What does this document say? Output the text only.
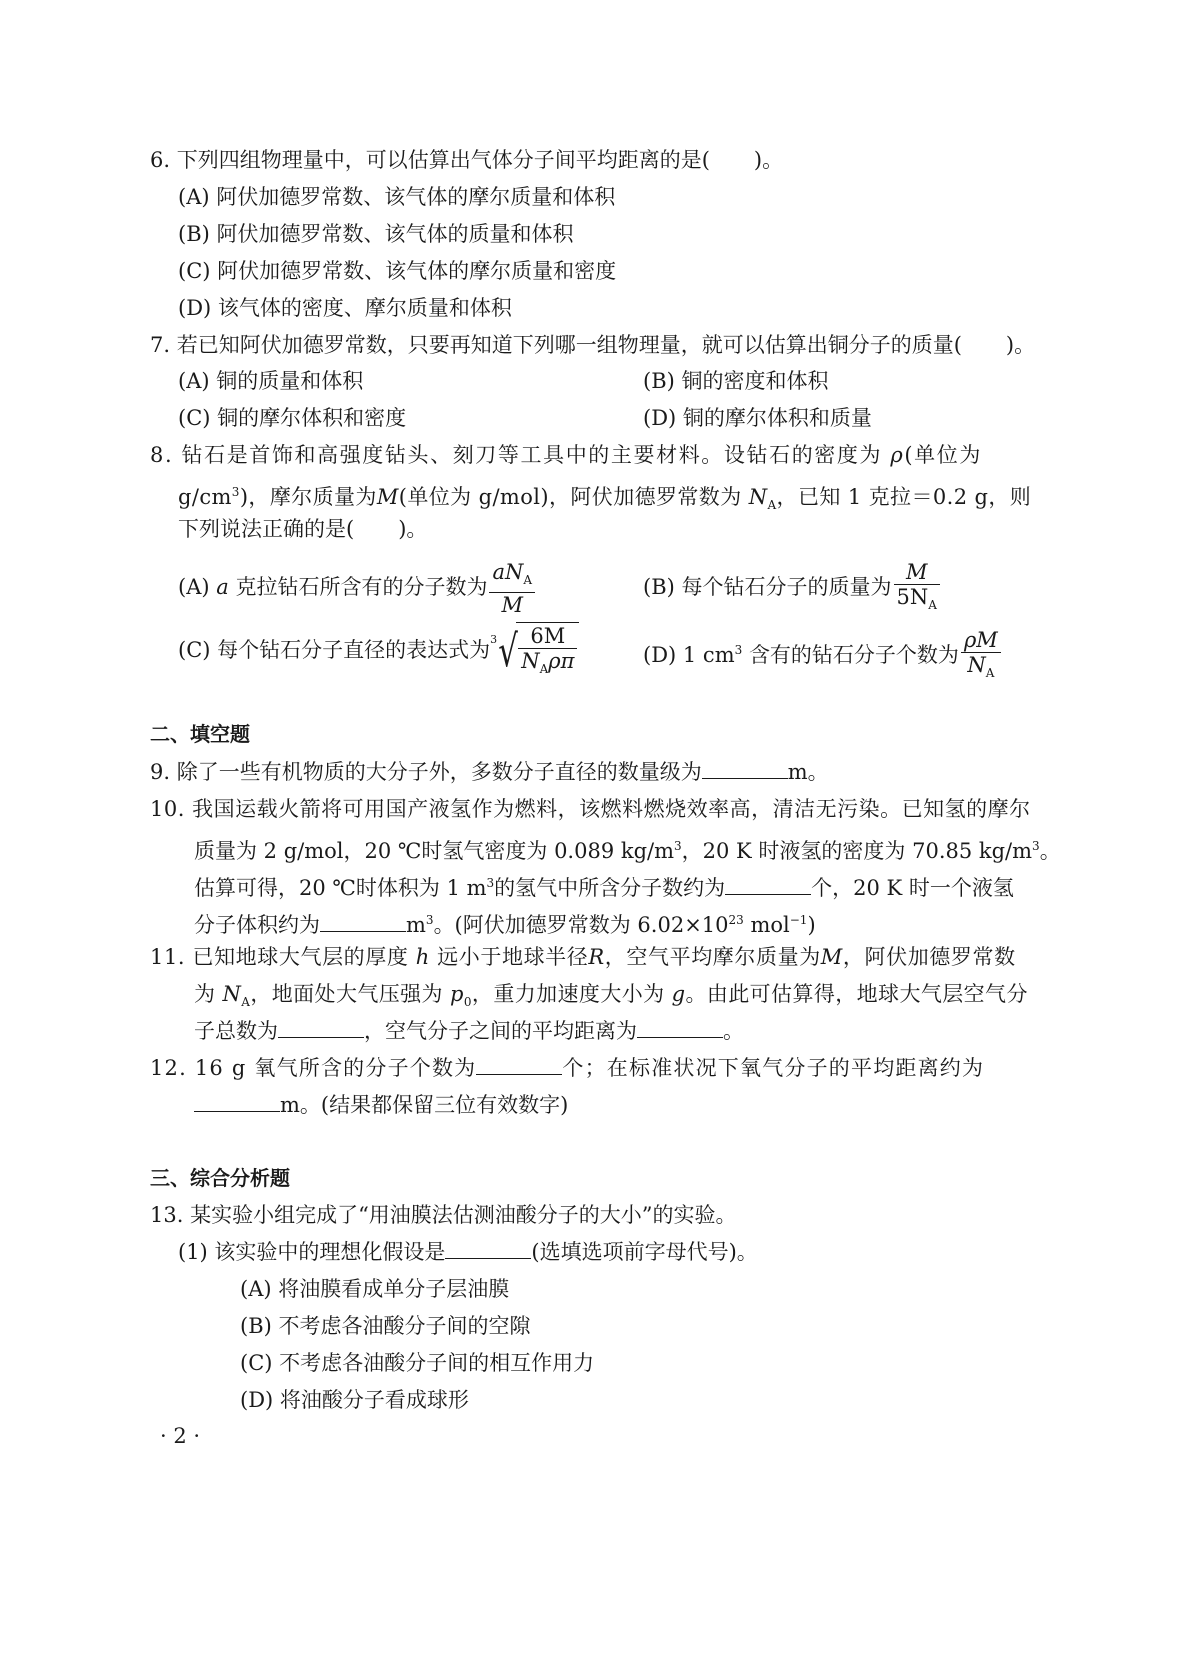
6. 下列四组物理量中，可以估算出气体分子间平均距离的是( )。
(A) 阿伏加德罗常数、该气体的摩尔质量和体积
(B) 阿伏加德罗常数、该气体的质量和体积
(C) 阿伏加德罗常数、该气体的摩尔质量和密度
(D) 该气体的密度、摩尔质量和体积
7. 若已知阿伏加德罗常数，只要再知道下列哪一组物理量，就可以估算出铜分子的质量( )。
(A) 铜的质量和体积	(B) 铜的密度和体积
(C) 铜的摩尔体积和密度	(D) 铜的摩尔体积和质量
8. 钻石是首饰和高强度钻头、刻刀等工具中的主要材料。设钻石的密度为 ρ(单位为
$g/cm^3$)，摩尔质量为M(单位为 g/mol)，阿伏加德罗常数为 $N_A$，已知 1 克拉＝0.2 g，则
下列说法正确的是( )。
(A) a 克拉钻石所含有的分子数为 $\frac{aN_A}{M}$	(B) 每个钻石分子的质量为 $\frac{M}{5N_A}$
(C) 每个钻石分子直径的表达式为 3 √ $\frac{6M}{N_A\rho\pi}$	(D) 1 $cm^3$ 含有的钻石分子个数为 $\frac{\rho M}{N_A}$
二、填空题
9. 除了一些有机物质的大分子外，多数分子直径的数量级为	m。
10. 我国运载火箭将可用国产液氢作为燃料，该燃料燃烧效率高，清洁无污染。已知氢的摩尔
质量为 2 g/mol，20 ℃时氢气密度为 0.089 $kg/m^3$，20 K 时液氢的密度为 70.85 $kg/m^3$。
估算可得，20 ℃时体积为 1 $m^3$的氢气中所含分子数约为	个，20 K 时一个液氢
分子体积约为	$m^3$。(阿伏加德罗常数为 $6.02\times 10^{23}$ mol$^{-1}$)
11. 已知地球大气层的厚度 h 远小于地球半径R，空气平均摩尔质量为M，阿伏加德罗常数
为 $N_A$，地面处大气压强为 $p_0$，重力加速度大小为 g。由此可估算得，地球大气层空气分
子总数为	，空气分子之间的平均距离为	。
12. 16 g 氧气所含的分子个数为	个；在标准状况下氧气分子的平均距离约为
m。(结果都保留三位有效数字)
三、综合分析题
13. 某实验小组完成了“用油膜法估测油酸分子的大小”的实验。
(1) 该实验中的理想化假设是	(选填选项前字母代号)。
(A) 将油膜看成单分子层油膜
(B) 不考虑各油酸分子间的空隙
(C) 不考虑各油酸分子间的相互作用力
(D) 将油酸分子看成球形
· 2 ·
